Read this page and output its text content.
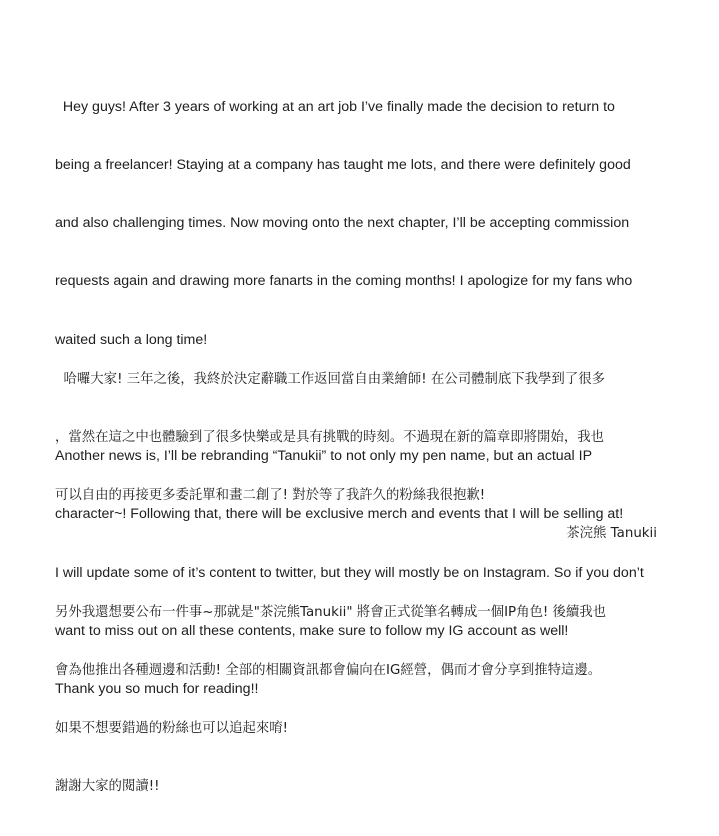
Hey guys! After 3 years of working at an art job I’ve finally made the decision to return to

being a freelancer! Staying at a company has taught me lots, and there were definitely good

and also challenging times. Now moving onto the next chapter, I’ll be accepting commission

requests again and drawing more fanarts in the coming months! I apologize for my fans who

waited such a long time!

Another news is, I’ll be rebranding “Tanukii” to not only my pen name, but an actual IP

character~! Following that, there will be exclusive merch and events that I will be selling at!

I will update some of it’s content to twitter, but they will mostly be on Instagram. So if you don’t

want to miss out on all these contents, make sure to follow my IG account as well!

Thank you so much for reading!!

哈囉大家! 三年之後，我終於決定辭職工作返回當自由業繪師! 在公司體制底下我學到了很多

，當然在這之中也體驗到了很多快樂或是具有挑戰的時刻。不過現在新的篇章即將開始，我也

可以自由的再接更多委託單和畫二創了! 對於等了我許久的粉絲我很抱歉!

另外我還想要公布一件事~那就是"茶浣熊Tanukii" 將會正式從筆名轉成一個IP角色! 後續我也

會為他推出各種週邊和活動! 全部的相關資訊都會偏向在IG經營，偶而才會分享到推特這邊。

如果不想要錯過的粉絲也可以追起來唷!

謝謝大家的閱讀!!

茶浣熊 Tanukii
